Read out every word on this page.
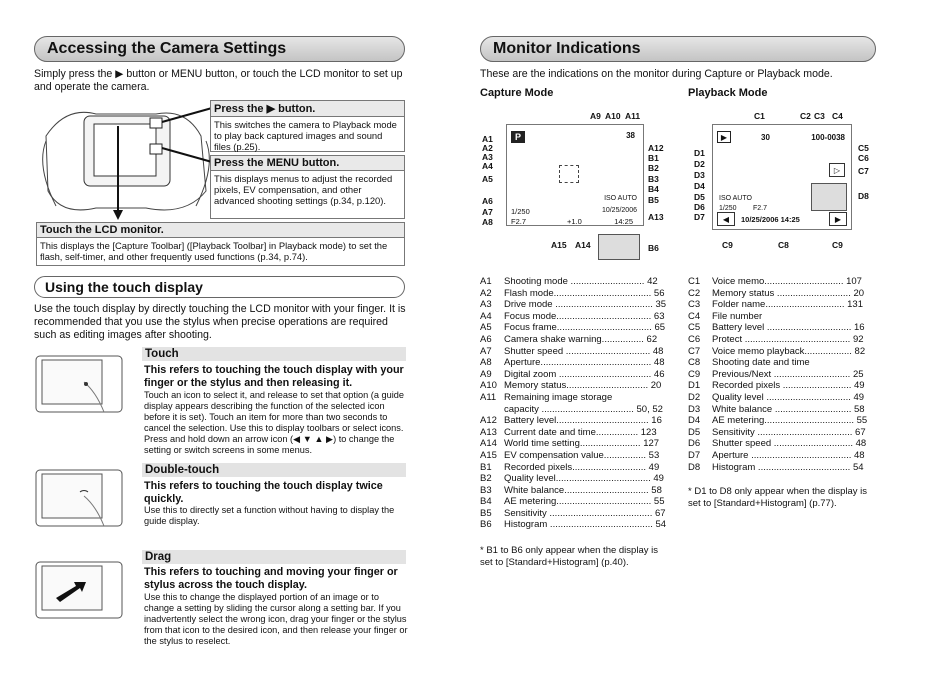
Accessing the Camera Settings

Simply press the ▶ button or MENU button, or touch the LCD monitor to set up and operate the camera.

Press the ▶ button.
This switches the camera to Playback mode to play back captured images and sound files (p.25).
Press the MENU button.
This displays menus to adjust the recorded pixels, EV compensation, and other advanced shooting settings (p.34, p.120).
Touch the LCD monitor.
This displays the [Capture Toolbar] ([Playback Toolbar] in Playback mode) to set the flash, self-timer, and other frequently used functions (p.34, p.74).
Using the touch display

Use the touch display by directly touching the LCD monitor with your finger. It is recommended that you use the stylus when precise operations are required such as editing images after shooting.

Touch
This refers to touching the touch display with your finger or the stylus and then releasing it.
Touch an icon to select it, and release to set that option (a guide display appears describing the function of the selected icon before it is set). Touch an item for more than two seconds to cancel the selection. Use this to display toolbars or select icons. Press and hold down an arrow icon (◀ ▼ ▲ ▶) to change the setting or switch screens in some menus.
Double-touch
This refers to touching the touch display twice quickly.
Use this to directly set a function without having to display the guide display.
Drag
This refers to touching and moving your finger or stylus across the touch display.
Use this to change the displayed portion of an image or to change a setting by sliding the cursor along a setting bar. If you inadvertently select the wrong icon, drag your finger or the stylus from that icon to the desired icon, and then release your finger or the stylus to reselect.
Monitor Indications

These are the indications on the monitor during Capture or Playback mode.

Capture Mode	Playback Mode
P	38
ISO AUTO
1/250	10/25/2006
F2.7	+1.0	14:25
A1
A2
A3
A4
A5
A6
A7
A8
A9 A10 A11
A12
A13
A14
A15
B1
B2
B3
B4
B5
B6
▶	30	100-0038
▷
ISO AUTO
1/250 F2.7
◀	10/25/2006 14:25	▶
C1	C2 C3 C4
C5
C6
C7
C8
C9	C9
D1
D2
D3
D4
D5
D6
D7
D8
A1	Shooting mode ............................ 42
A2	Flash mode..................................... 56
A3	Drive mode ..................................... 35
A4	Focus mode.................................... 63
A5	Focus frame.................................... 65
A6	Camera shake warning................ 62
A7	Shutter speed ................................ 48
A8	Aperture.......................................... 48
A9	Digital zoom ................................... 46
A10 Memory status............................... 20
A11 Remaining image storage
capacity ................................... 50, 52
A12 Battery level................................... 16
A13 Current date and time................ 123
A14 World time setting....................... 127
A15 EV compensation value................ 53
B1	Recorded pixels............................ 49
B2	Quality level.................................... 49
B3	White balance................................ 58
B4	AE metering.................................... 55
B5	Sensitivity ....................................... 67
B6	Histogram ....................................... 54
C1	Voice memo.............................. 107
C2	Memory status ............................ 20
C3	Folder name.............................. 131
C4	File number
C5	Battery level ................................ 16
C6	Protect ........................................ 92
C7	Voice memo playback.................. 82
C8	Shooting date and time
C9	Previous/Next ............................. 25
D1	Recorded pixels .......................... 49
D2	Quality level ................................ 49
D3	White balance ............................. 58
D4	AE metering.................................. 55
D5	Sensitivity .................................... 67
D6	Shutter speed .............................. 48
D7	Aperture ...................................... 48
D8	Histogram ................................... 54
* B1 to B6 only appear when the display is set to [Standard+Histogram] (p.40).
* D1 to D8 only appear when the display is set to [Standard+Histogram] (p.77).
